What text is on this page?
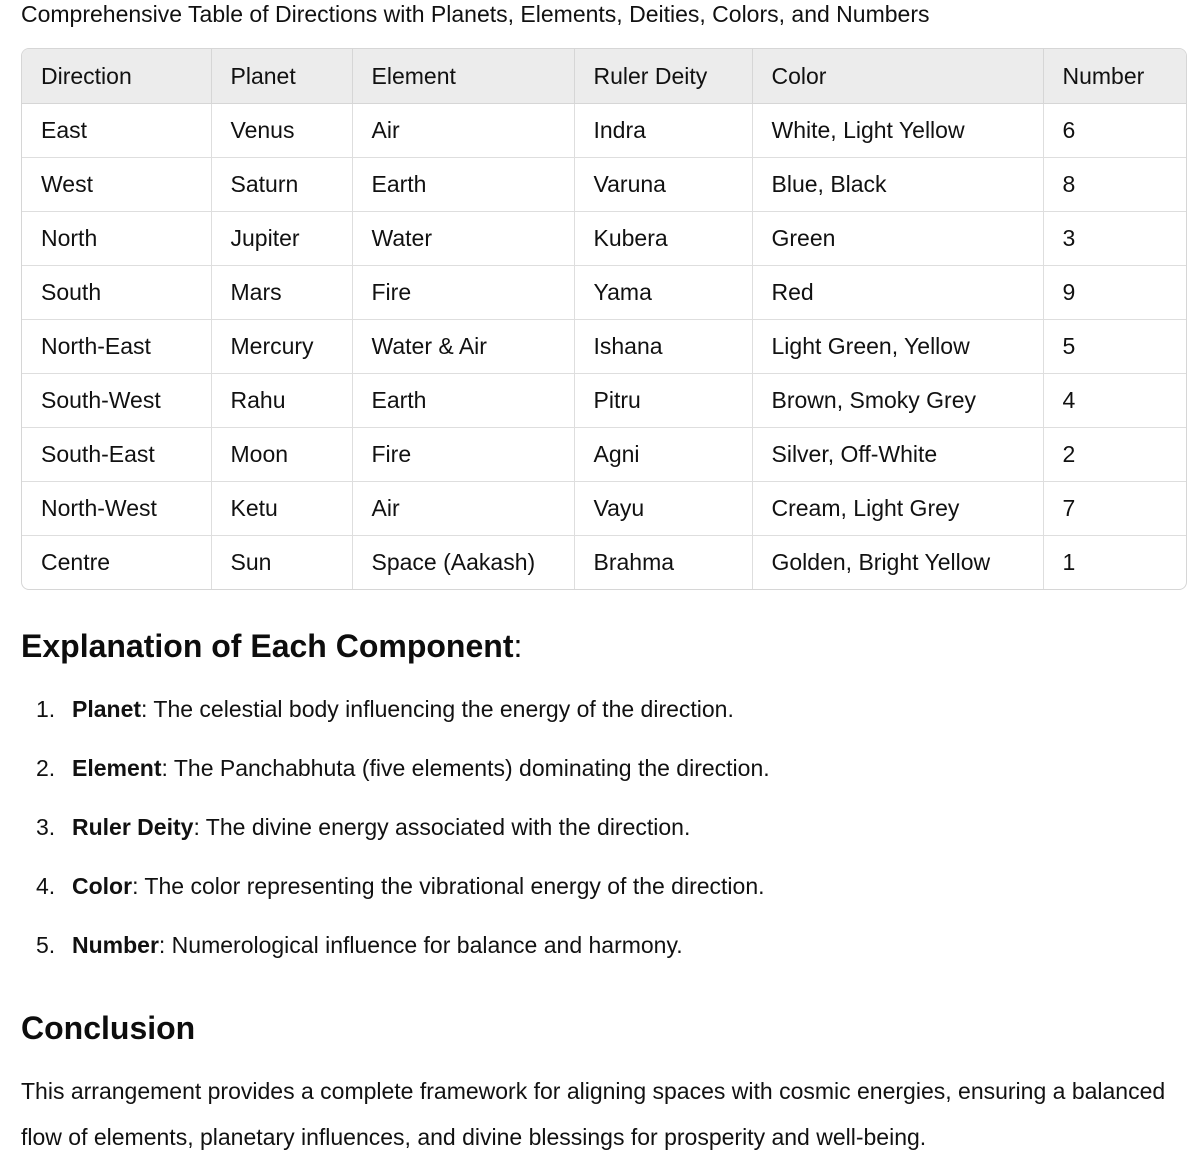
Comprehensive Table of Directions with Planets, Elements, Deities, Colors, and Numbers
Direction	Planet	Element	Ruler Deity	Color	Number
East	Venus	Air	Indra	White, Light Yellow	6
West	Saturn	Earth	Varuna	Blue, Black	8
North	Jupiter	Water	Kubera	Green	3
South	Mars	Fire	Yama	Red	9
North-East	Mercury	Water & Air	Ishana	Light Green, Yellow	5
South-West	Rahu	Earth	Pitru	Brown, Smoky Grey	4
South-East	Moon	Fire	Agni	Silver, Off-White	2
North-West	Ketu	Air	Vayu	Cream, Light Grey	7
Centre	Sun	Space (Aakash)	Brahma	Golden, Bright Yellow	1
Explanation of Each Component:
1. Planet: The celestial body influencing the energy of the direction.
2. Element: The Panchabhuta (five elements) dominating the direction.
3. Ruler Deity: The divine energy associated with the direction.
4. Color: The color representing the vibrational energy of the direction.
5. Number: Numerological influence for balance and harmony.
Conclusion

This arrangement provides a complete framework for aligning spaces with cosmic energies, ensuring a balanced flow of elements, planetary influences, and divine blessings for prosperity and well-being.
